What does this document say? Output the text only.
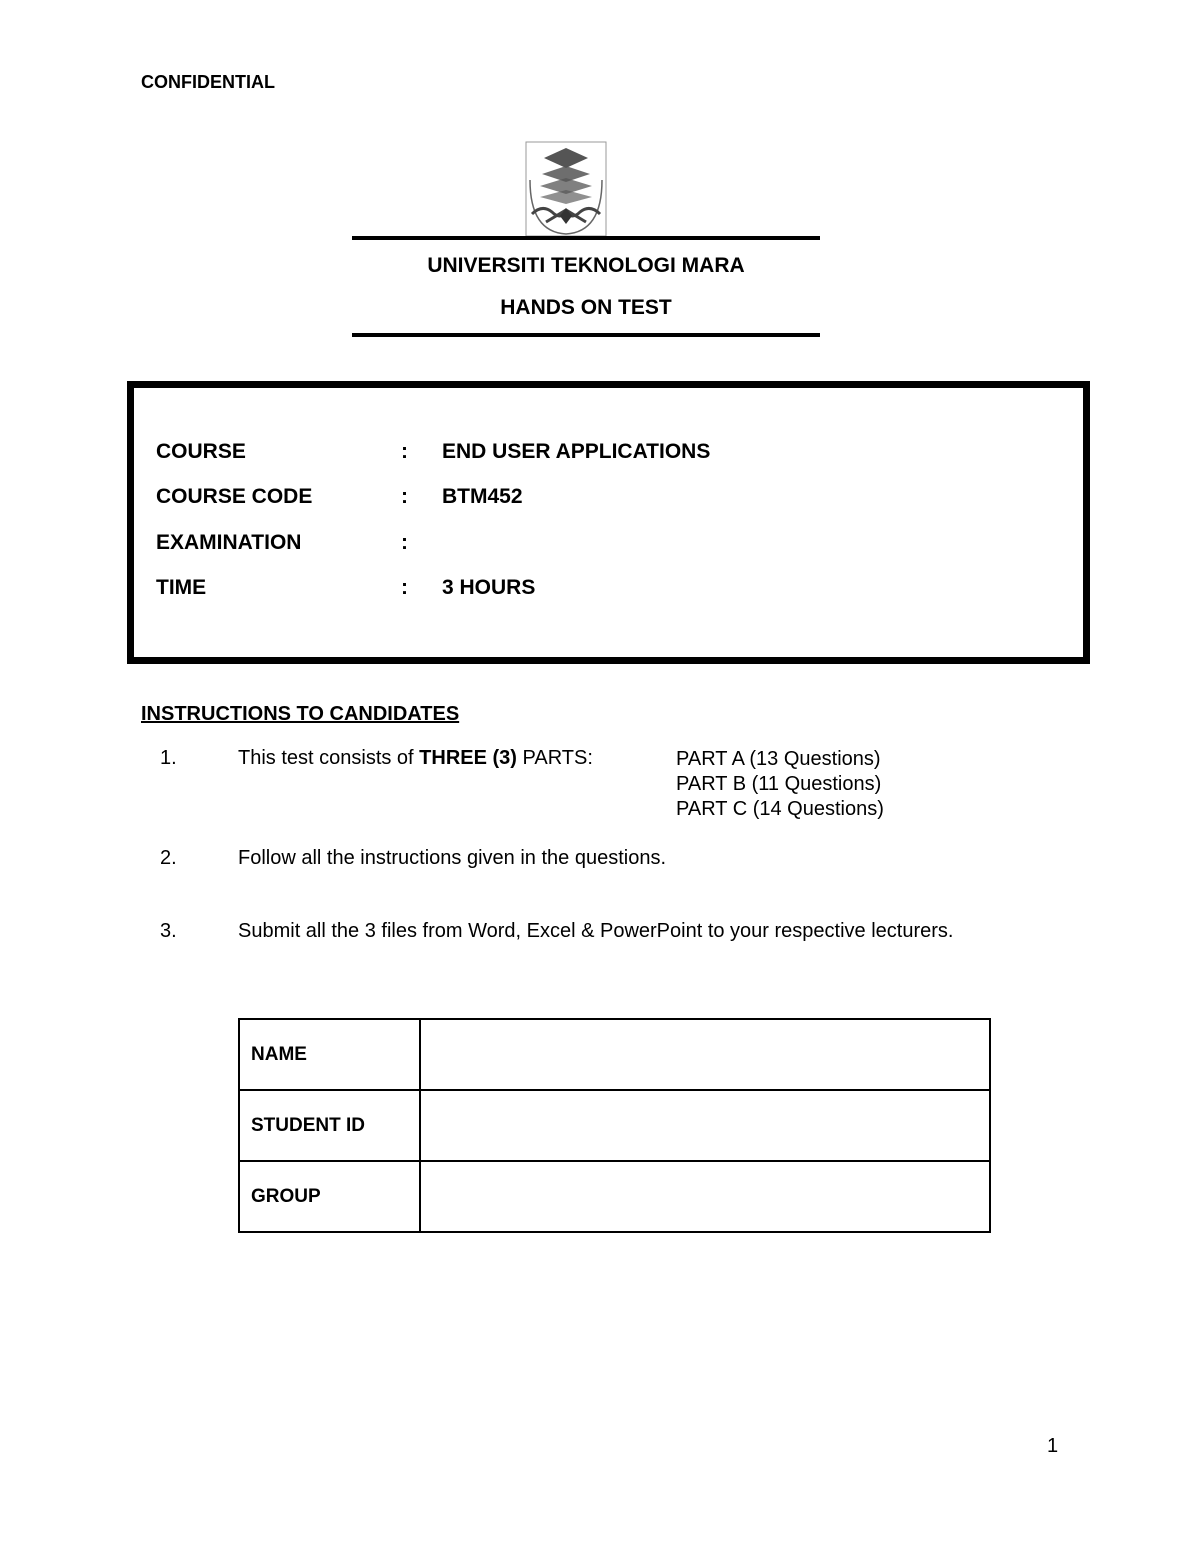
CONFIDENTIAL
UNIVERSITI TEKNOLOGI MARA
HANDS ON TEST
COURSE	: END USER APPLICATIONS
COURSE CODE	: BTM452
EXAMINATION	:
TIME	: 3 HOURS
INSTRUCTIONS TO CANDIDATES
1.	This test consists of THREE (3) PARTS:	PART A (13 Questions)
PART B (11 Questions)
PART C (14 Questions)
2.	Follow all the instructions given in the questions.
3.	Submit all the 3 files from Word, Excel & PowerPoint to your respective lecturers.
NAME	
STUDENT ID	
GROUP	
1
